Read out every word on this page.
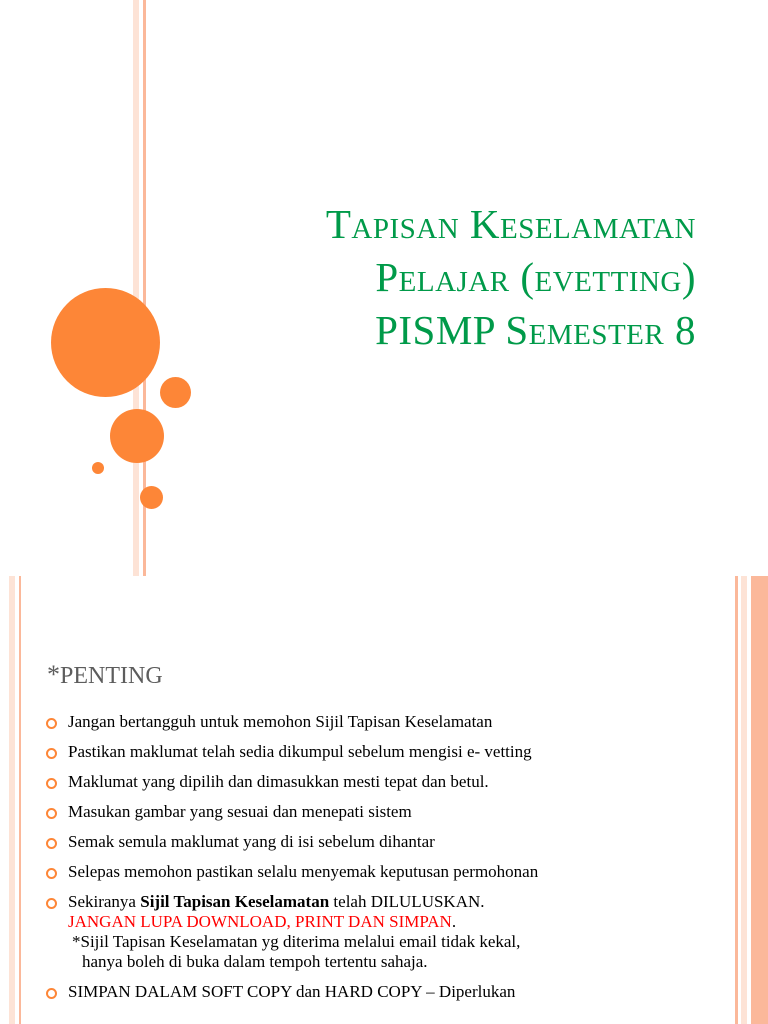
Tapisan Keselamatan
Pelajar (evetting)
PISMP Semester 8
*PENTING
Jangan bertangguh untuk memohon Sijil Tapisan Keselamatan
Pastikan maklumat telah sedia dikumpul sebelum mengisi e- vetting
Maklumat yang dipilih dan dimasukkan mesti tepat dan betul.
Masukan gambar yang sesuai dan menepati sistem
Semak semula maklumat yang di isi sebelum dihantar
Selepas memohon pastikan selalu menyemak keputusan permohonan
Sekiranya Sijil Tapisan Keselamatan telah DILULUSKAN.
JANGAN LUPA DOWNLOAD, PRINT DAN SIMPAN.
*Sijil Tapisan Keselamatan yg diterima melalui email tidak kekal,
hanya boleh di buka dalam tempoh tertentu sahaja.
SIMPAN DALAM SOFT COPY dan HARD COPY – Diperlukan
